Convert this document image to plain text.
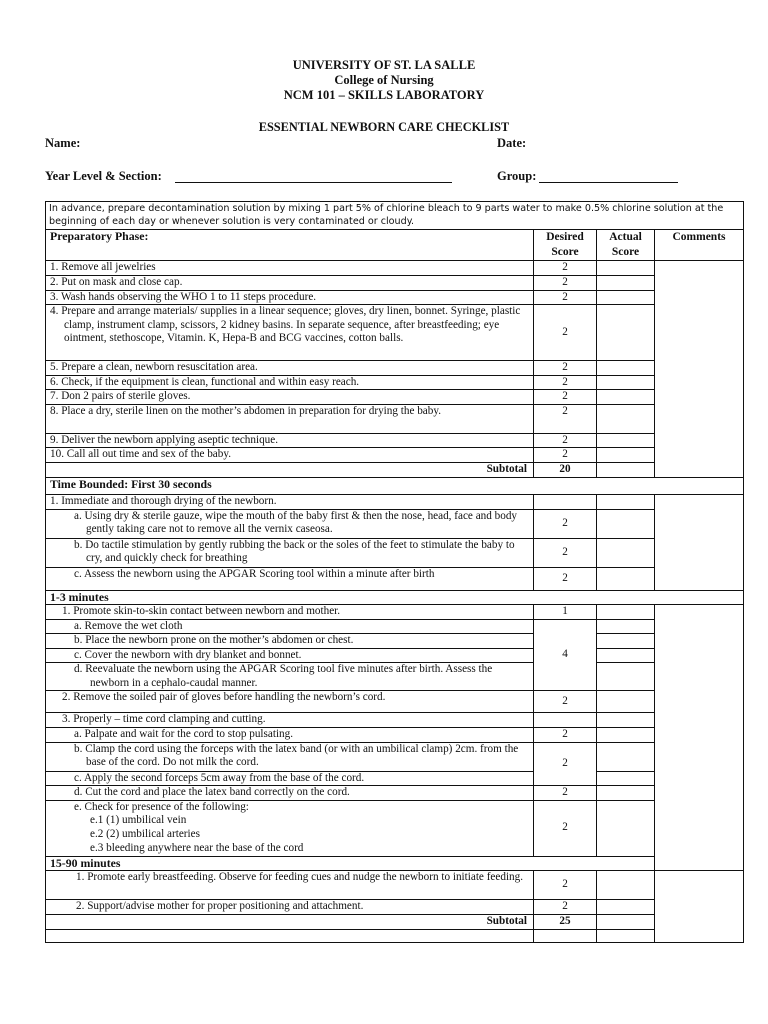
UNIVERSITY OF ST. LA SALLE
College of Nursing
NCM 101 – SKILLS LABORATORY
ESSENTIAL NEWBORN CARE CHECKLIST
Name:	Date:
Year Level & Section:	Group:
In advance, prepare decontamination solution by mixing 1 part 5% of chlorine bleach to 9 parts water to make 0.5% chlorine solution at the beginning of each day or whenever solution is very contaminated or cloudy.			
Preparatory Phase:	Desired Score	Actual Score	Comments
1. Remove all jewelries	2		
2. Put on mask and close cap.	2		
3. Wash hands observing the WHO 1 to 11 steps procedure.	2		
4. Prepare and arrange materials/ supplies in a linear sequence; gloves, dry linen, bonnet. Syringe, plastic clamp, instrument clamp, scissors, 2 kidney basins. In separate sequence, after breastfeeding; eye ointment, stethoscope, Vitamin. K, Hepa-B and BCG vaccines, cotton balls.	2		
5. Prepare a clean, newborn resuscitation area.	2		
6. Check, if the equipment is clean, functional and within easy reach.	2		
7. Don 2 pairs of sterile gloves.	2		
8. Place a dry, sterile linen on the mother’s abdomen in preparation for drying the baby.	2		
9. Deliver the newborn applying aseptic technique.	2		
10. Call all out time and sex of the baby.	2		
Subtotal	20		
Time Bounded: First 30 seconds			
1. Immediate and thorough drying of the newborn.			
a. Using dry & sterile gauze, wipe the mouth of the baby first & then the nose, head, face and body gently taking care not to remove all the vernix caseosa.	2		
b. Do tactile stimulation by gently rubbing the back or the soles of the feet to stimulate the baby to cry, and quickly check for breathing	2		
c. Assess the newborn using the APGAR Scoring tool within a minute after birth	2		
1-3 minutes			
1. Promote skin-to-skin contact between newborn and mother.	1		
a. Remove the wet cloth	4		
b. Place the newborn prone on the mother’s abdomen or chest.			
c. Cover the newborn with dry blanket and bonnet.			
d. Reevaluate the newborn using the APGAR Scoring tool five minutes after birth. Assess the newborn in a cephalo-caudal manner.			
2. Remove the soiled pair of gloves before handling the newborn’s cord.	2		
3. Properly – time cord clamping and cutting.			
a. Palpate and wait for the cord to stop pulsating.	2		
b. Clamp the cord using the forceps with the latex band (or with an umbilical clamp) 2cm. from the base of the cord. Do not milk the cord.	2		
c. Apply the second forceps 5cm away from the base of the cord.			
d. Cut the cord and place the latex band correctly on the cord.	2		
e. Check for presence of the following:	2		
e.1 (1) umbilical vein			
e.2 (2) umbilical arteries			
e.3 bleeding anywhere near the base of the cord			
15-90 minutes			
1. Promote early breastfeeding. Observe for feeding cues and nudge the newborn to initiate feeding.	2		
2. Support/advise mother for proper positioning and attachment.	2		
Subtotal	25		
